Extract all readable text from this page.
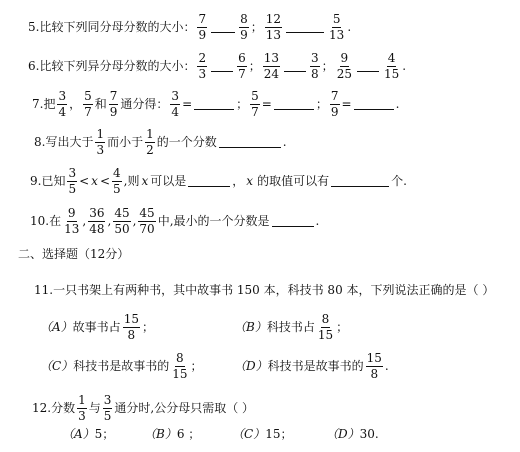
5.比较下列同分母分数的大小： $\frac{7}{9}$	$\frac{8}{9}$ ； $\frac{12}{13}$	$\frac{5}{13}$ .
6.比较下列异分母分数的大小： $\frac{2}{3}$	$\frac{6}{7}$ ； $\frac{13}{24}$	$\frac{3}{8}$ ； $\frac{9}{25}$	$\frac{4}{15}$ .
7.把 $\frac{3}{4}$ ， $\frac{5}{7}$ 和 $\frac{7}{9}$ 通分得： $\frac{3}{4}$ =	； $\frac{5}{7}$ =	； $\frac{7}{9}$ =	.
8.写出大于 $\frac{1}{3}$ 而小于 $\frac{1}{2}$ 的一个分数	.
9.已知 $\frac{3}{5} < x < \frac{4}{5}$ ,则 x 可以是	， x 的取值可以有	个.
10.在 $\frac{9}{13}$ , $\frac{36}{48}$ , $\frac{45}{50}$ , $\frac{45}{70}$ 中,最小的一个分数是	.
二、选择题（12分）
11.一只书架上有两种书，其中故事书 150 本，科技书 80 本，下列说法正确的是（ ）
（A） 故事书占 $\frac{15}{8}$ ；	（B） 科技书占 $\frac{8}{15}$ ；
（C） 科技书是故事书的 $\frac{8}{15}$ ；	（D） 科技书是故事书的 $\frac{15}{8}$ .
12.分数 $\frac{1}{3}$ 与 $\frac{3}{5}$ 通分时,公分母只需取（ ）
（A） 5； （B） 6 ；	（C） 15；	（D） 30.
